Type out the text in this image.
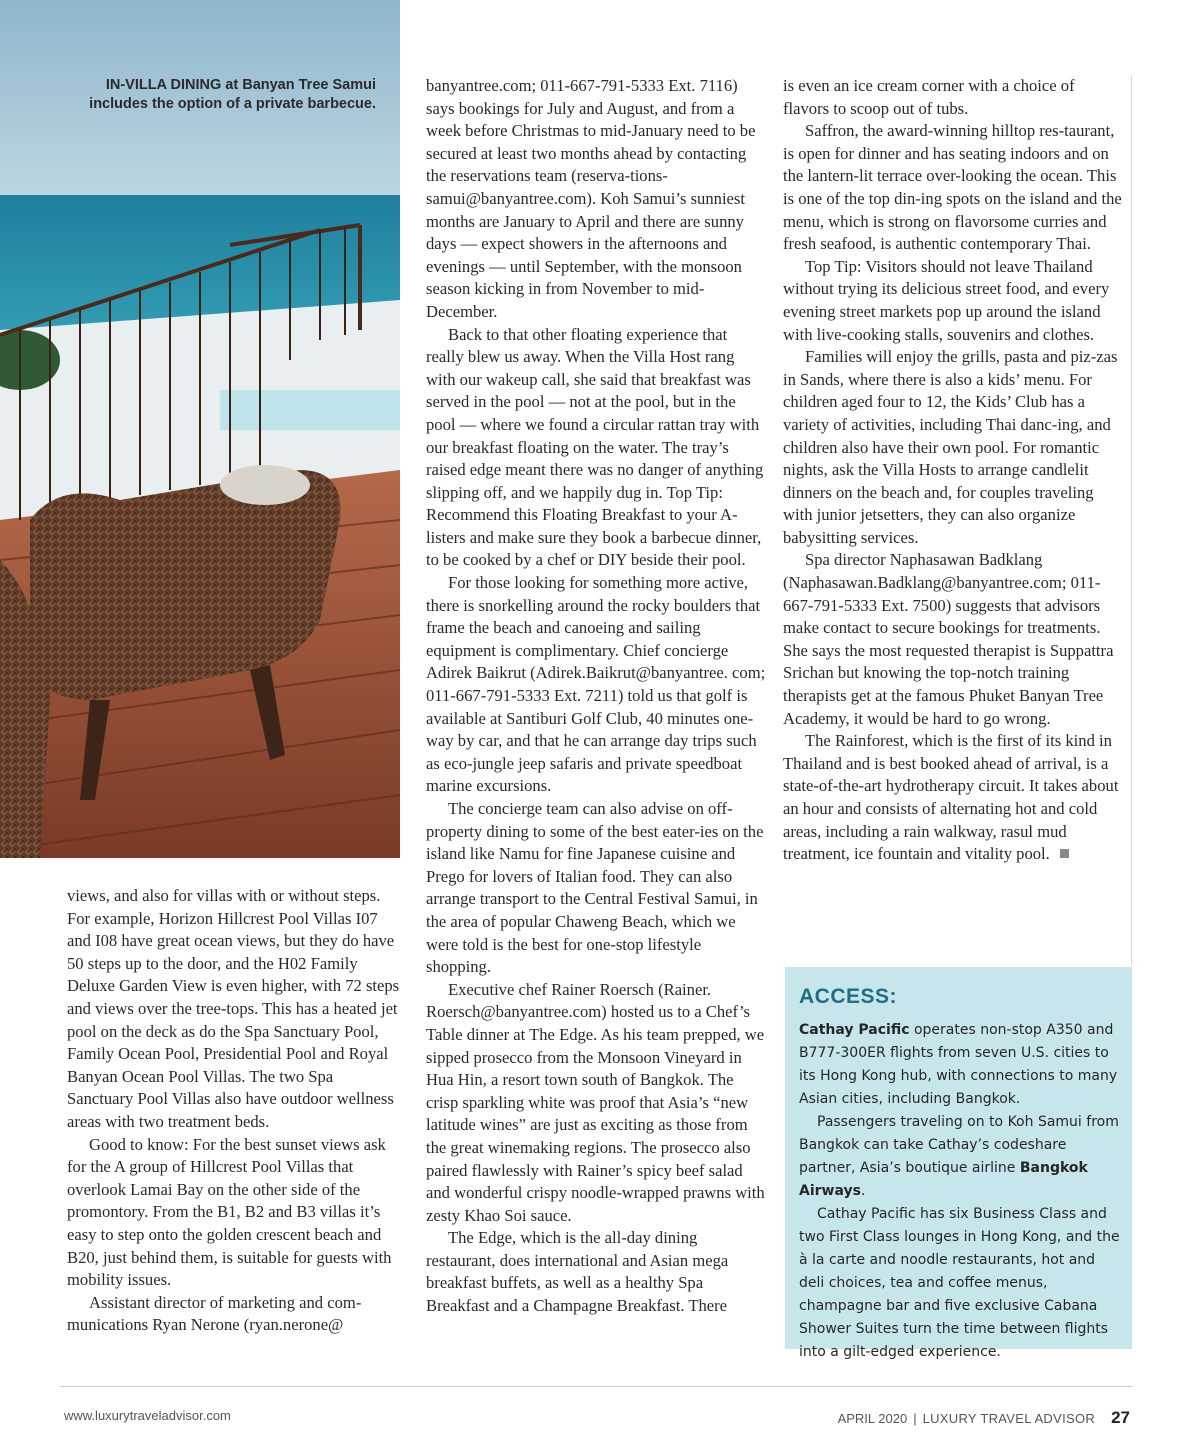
IN-VILLA DINING at Banyan Tree Samui includes the option of a private barbecue.

views, and also for villas with or without steps. For example, Horizon Hillcrest Pool Villas I07 and I08 have great ocean views, but they do have 50 steps up to the door, and the H02 Family Deluxe Garden View is even higher, with 72 steps and views over the tree-tops. This has a heated jet pool on the deck as do the Spa Sanctuary Pool, Family Ocean Pool, Presidential Pool and Royal Banyan Ocean Pool Villas. The two Spa Sanctuary Pool Villas also have outdoor wellness areas with two treatment beds.

Good to know: For the best sunset views ask for the A group of Hillcrest Pool Villas that overlook Lamai Bay on the other side of the promontory. From the B1, B2 and B3 villas it’s easy to step onto the golden crescent beach and B20, just behind them, is suitable for guests with mobility issues.

Assistant director of marketing and com-munications Ryan Nerone (ryan.nerone@

banyantree.com; 011-667-791-5333 Ext. 7116) says bookings for July and August, and from a week before Christmas to mid-January need to be secured at least two months ahead by contacting the reservations team (reserva-tions-samui@banyantree.com). Koh Samui’s sunniest months are January to April and there are sunny days — expect showers in the afternoons and evenings — until September, with the monsoon season kicking in from November to mid-December.

Back to that other floating experience that really blew us away. When the Villa Host rang with our wakeup call, she said that breakfast was served in the pool — not at the pool, but in the pool — where we found a circular rattan tray with our breakfast floating on the water. The tray’s raised edge meant there was no danger of anything slipping off, and we happily dug in. Top Tip: Recommend this Floating Breakfast to your A-listers and make sure they book a barbecue dinner, to be cooked by a chef or DIY beside their pool.

For those looking for something more active, there is snorkelling around the rocky boulders that frame the beach and canoeing and sailing equipment is complimentary. Chief concierge Adirek Baikrut (Adirek.Baikrut@banyantree. com; 011-667-791-5333 Ext. 7211) told us that golf is available at Santiburi Golf Club, 40 minutes one-way by car, and that he can arrange day trips such as eco-jungle jeep safaris and private speedboat marine excursions.

The concierge team can also advise on off-property dining to some of the best eater-ies on the island like Namu for fine Japanese cuisine and Prego for lovers of Italian food. They can also arrange transport to the Central Festival Samui, in the area of popular Chaweng Beach, which we were told is the best for one-stop lifestyle shopping.

Executive chef Rainer Roersch (Rainer. Roersch@banyantree.com) hosted us to a Chef’s Table dinner at The Edge. As his team prepped, we sipped prosecco from the Monsoon Vineyard in Hua Hin, a resort town south of Bangkok. The crisp sparkling white was proof that Asia’s “new latitude wines” are just as exciting as those from the great winemaking regions. The prosecco also paired flawlessly with Rainer’s spicy beef salad and wonderful crispy noodle-wrapped prawns with zesty Khao Soi sauce.

The Edge, which is the all-day dining restaurant, does international and Asian mega breakfast buffets, as well as a healthy Spa Breakfast and a Champagne Breakfast. There

is even an ice cream corner with a choice of flavors to scoop out of tubs.

Saffron, the award-winning hilltop res-taurant, is open for dinner and has seating indoors and on the lantern-lit terrace over-looking the ocean. This is one of the top din-ing spots on the island and the menu, which is strong on flavorsome curries and fresh seafood, is authentic contemporary Thai.

Top Tip: Visitors should not leave Thailand without trying its delicious street food, and every evening street markets pop up around the island with live-cooking stalls, souvenirs and clothes.

Families will enjoy the grills, pasta and piz-zas in Sands, where there is also a kids’ menu. For children aged four to 12, the Kids’ Club has a variety of activities, including Thai danc-ing, and children also have their own pool. For romantic nights, ask the Villa Hosts to arrange candlelit dinners on the beach and, for couples traveling with junior jetsetters, they can also organize babysitting services.

Spa director Naphasawan Badklang (Naphasawan.Badklang@banyantree.com; 011-667-791-5333 Ext. 7500) suggests that advisors make contact to secure bookings for treatments. She says the most requested therapist is Suppattra Srichan but knowing the top-notch training therapists get at the famous Phuket Banyan Tree Academy, it would be hard to go wrong.

The Rainforest, which is the first of its kind in Thailand and is best booked ahead of arrival, is a state-of-the-art hydrotherapy circuit. It takes about an hour and consists of alternating hot and cold areas, including a rain walkway, rasul mud treatment, ice fountain and vitality pool.

ACCESS:

Cathay Pacific operates non-stop A350 and B777-300ER flights from seven U.S. cities to its Hong Kong hub, with connections to many Asian cities, including Bangkok.

Passengers traveling on to Koh Samui from Bangkok can take Cathay’s codeshare partner, Asia’s boutique airline Bangkok Airways.

Cathay Pacific has six Business Class and two First Class lounges in Hong Kong, and the à la carte and noodle restaurants, hot and deli choices, tea and coffee menus, champagne bar and five exclusive Cabana Shower Suites turn the time between flights into a gilt-edged experience.

www.luxurytraveladvisor.com	APRIL 2020 | LUXURY TRAVEL ADVISOR 27
